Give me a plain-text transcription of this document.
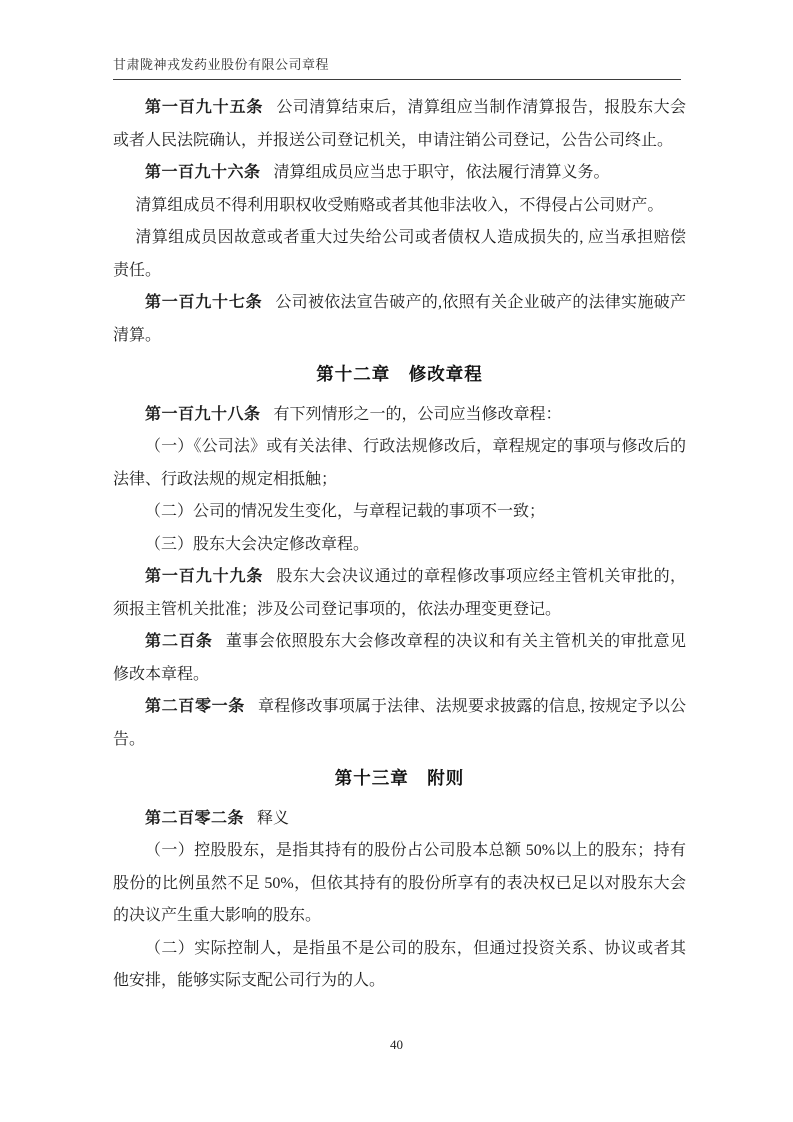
甘肃陇神戎发药业股份有限公司章程

第一百九十五条 公司清算结束后，清算组应当制作清算报告，报股东大会或者人民法院确认，并报送公司登记机关，申请注销公司登记，公告公司终止。

第一百九十六条 清算组成员应当忠于职守，依法履行清算义务。

清算组成员不得利用职权收受贿赂或者其他非法收入，不得侵占公司财产。

清算组成员因故意或者重大过失给公司或者债权人造成损失的, 应当承担赔偿责任。

第一百九十七条 公司被依法宣告破产的,依照有关企业破产的法律实施破产清算。

第十二章　修改章程

第一百九十八条 有下列情形之一的，公司应当修改章程：

（一）《公司法》或有关法律、行政法规修改后，章程规定的事项与修改后的法律、行政法规的规定相抵触；

（二）公司的情况发生变化，与章程记载的事项不一致；

（三）股东大会决定修改章程。

第一百九十九条 股东大会决议通过的章程修改事项应经主管机关审批的，须报主管机关批准；涉及公司登记事项的，依法办理变更登记。

第二百条 董事会依照股东大会修改章程的决议和有关主管机关的审批意见修改本章程。

第二百零一条 章程修改事项属于法律、法规要求披露的信息, 按规定予以公告。

第十三章　附则

第二百零二条 释义

（一）控股股东，是指其持有的股份占公司股本总额 50%以上的股东；持有股份的比例虽然不足 50%，但依其持有的股份所享有的表决权已足以对股东大会的决议产生重大影响的股东。

（二）实际控制人，是指虽不是公司的股东，但通过投资关系、协议或者其他安排，能够实际支配公司行为的人。

40
